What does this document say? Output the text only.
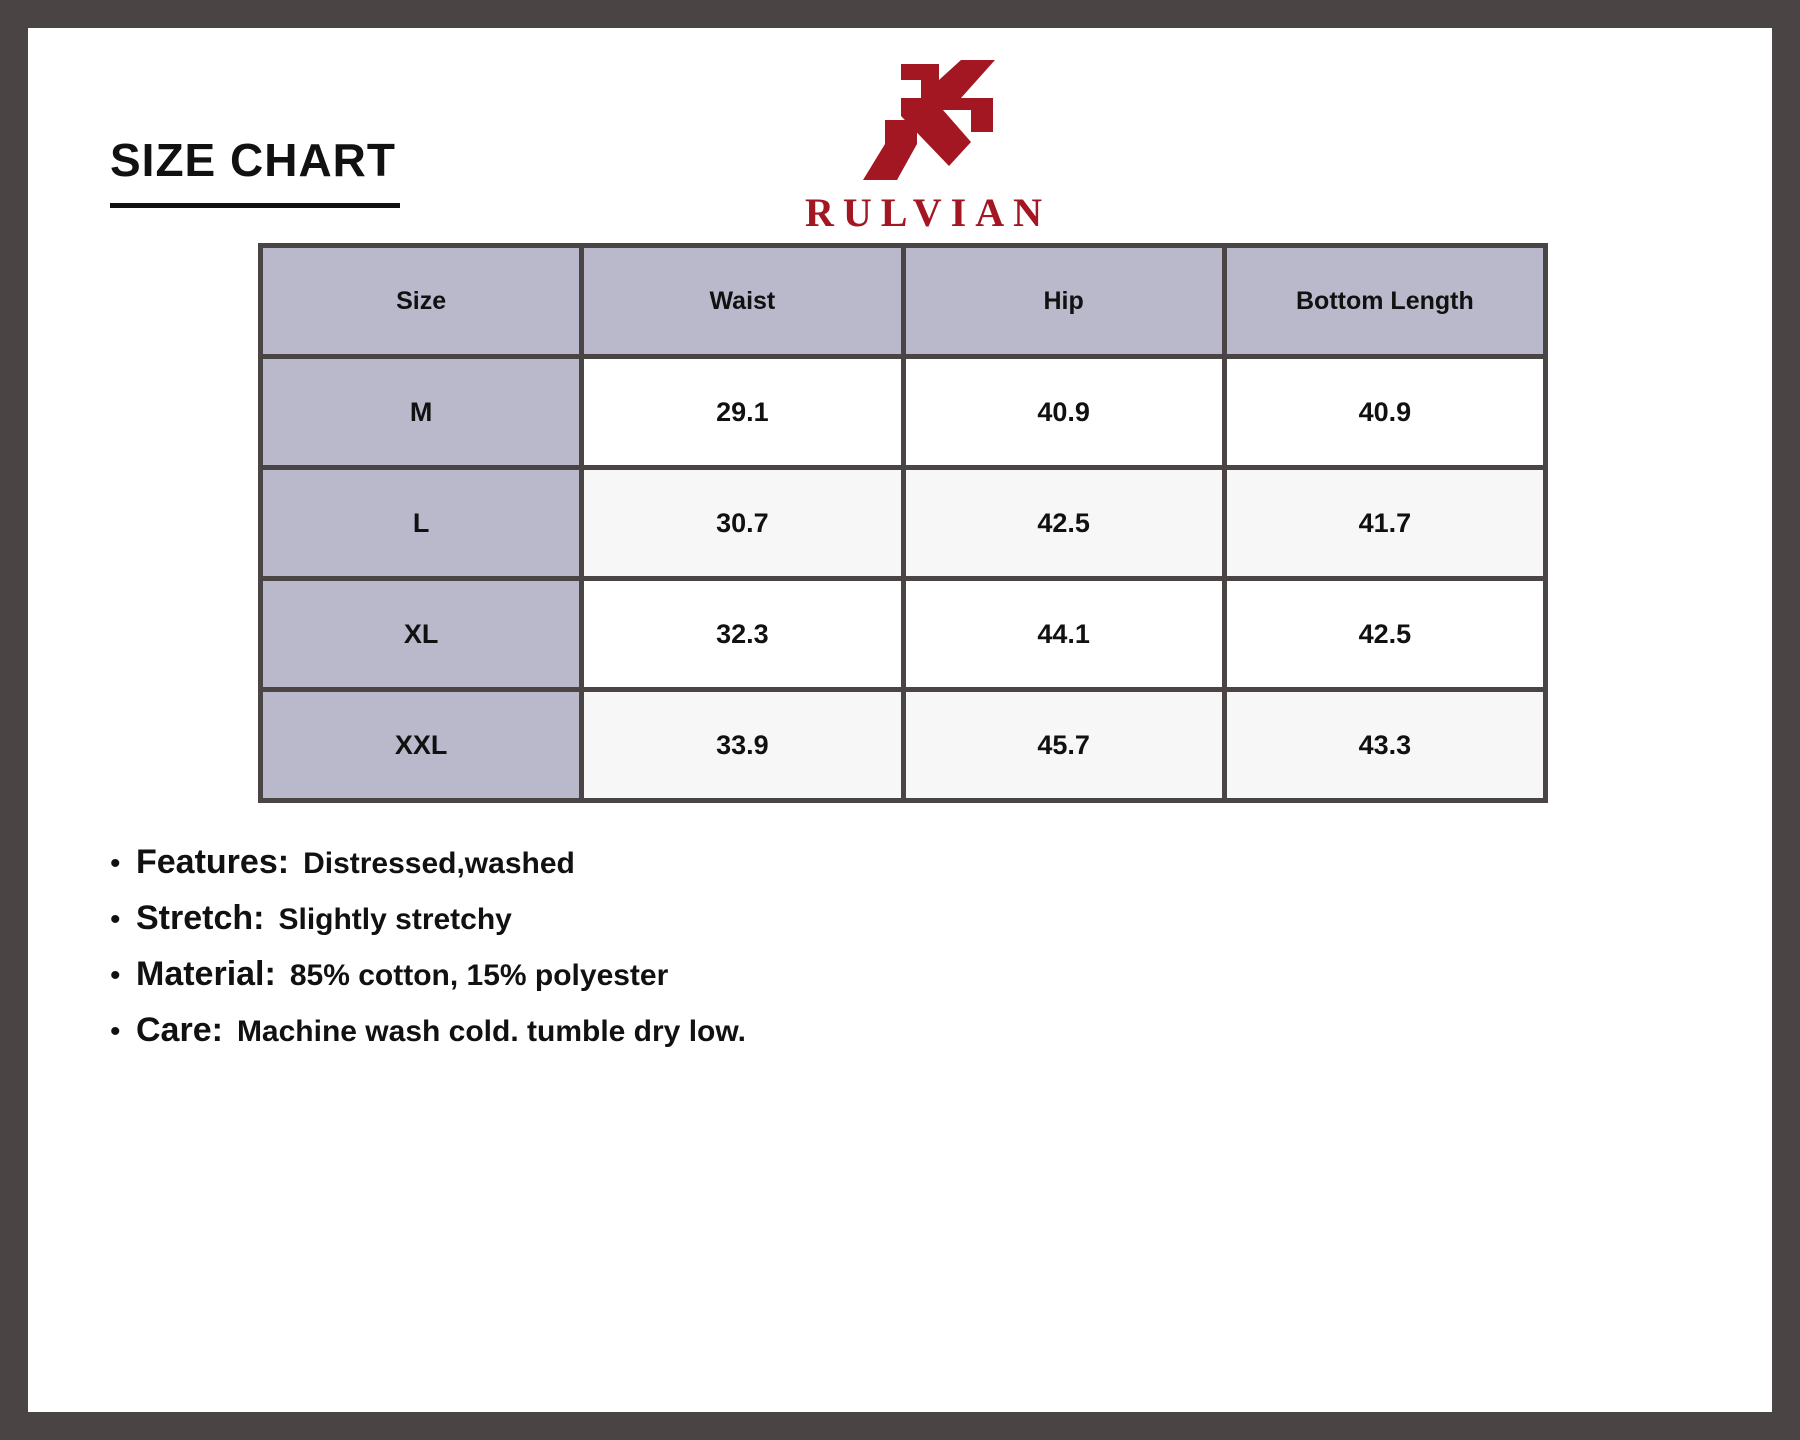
SIZE CHART
RULVIAN
Size	Waist	Hip	Bottom Length
M	29.1	40.9	40.9
L	30.7	42.5	41.7
XL	32.3	44.1	42.5
XXL	33.9	45.7	43.3
• Features: Distressed,washed
• Stretch: Slightly stretchy
• Material: 85% cotton, 15% polyester
• Care: Machine wash cold. tumble dry low.
